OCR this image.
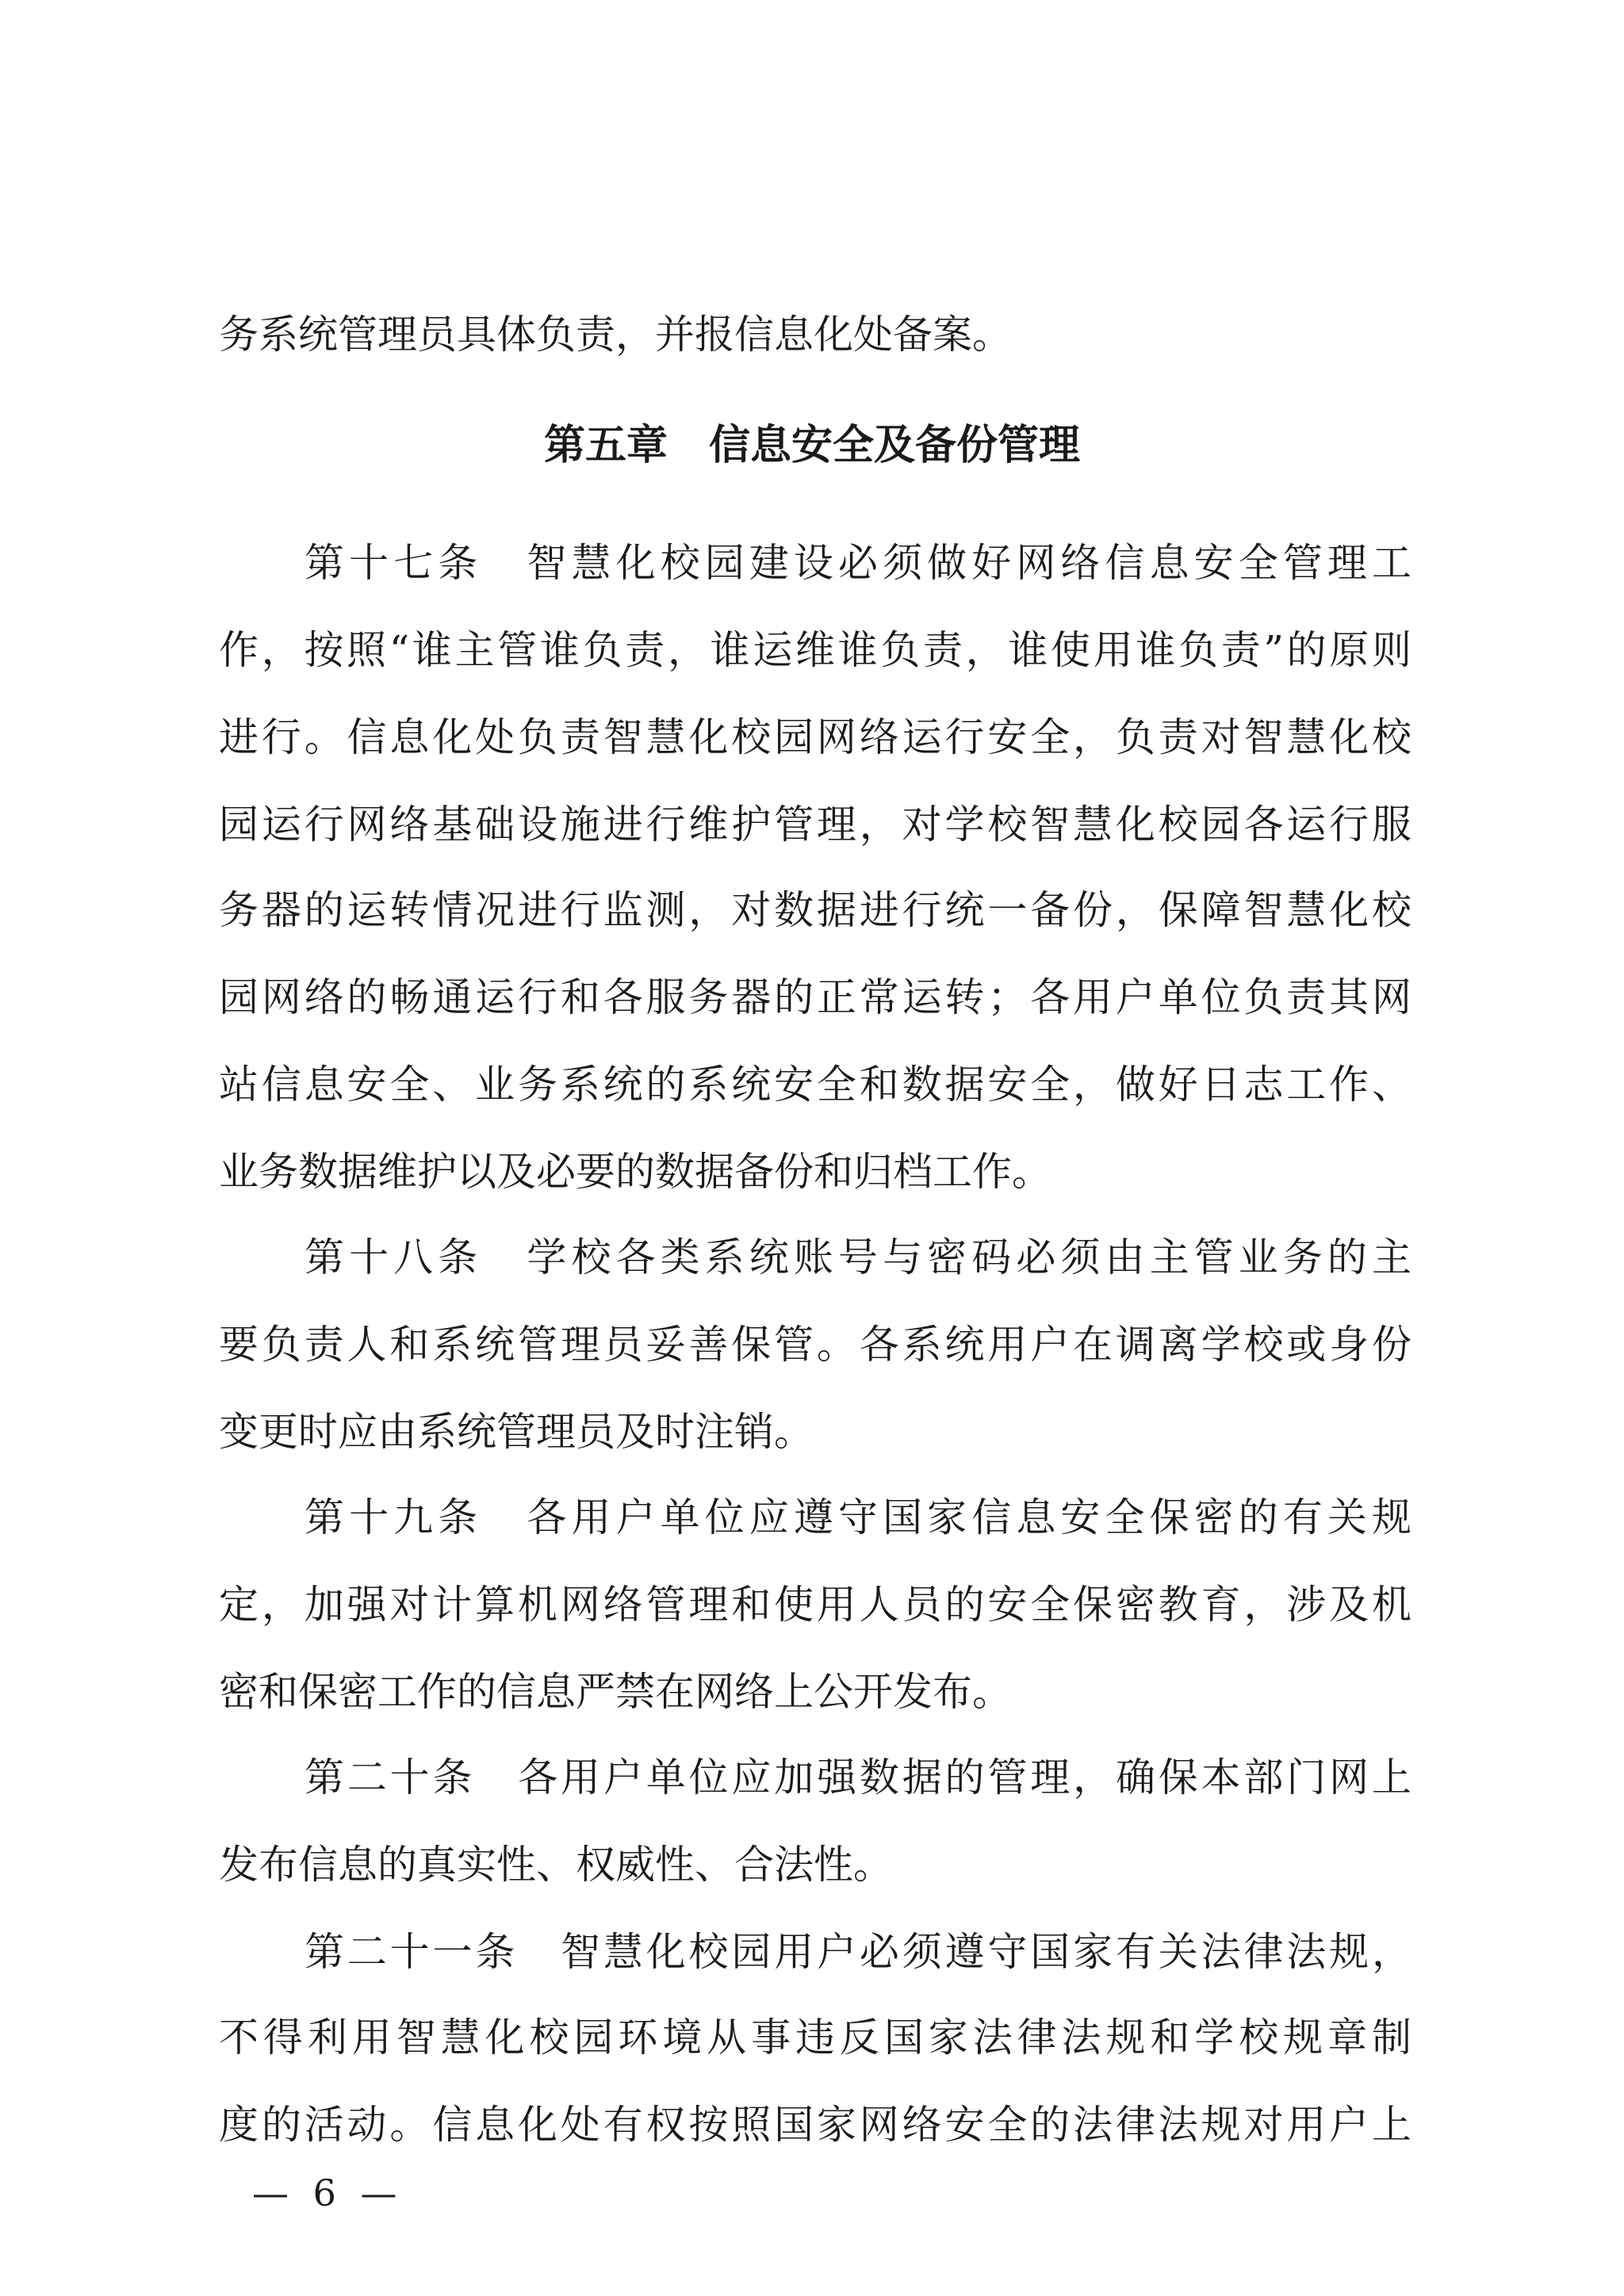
务系统管理员具体负责，并报信息化处备案。
第五章　信息安全及备份管理
第十七条　智慧化校园建设必须做好网络信息安全管理工
作，按照“谁主管谁负责，谁运维谁负责，谁使用谁负责”的原则
进行。信息化处负责智慧化校园网络运行安全，负责对智慧化校
园运行网络基础设施进行维护管理，对学校智慧化校园各运行服
务器的运转情况进行监测，对数据进行统一备份，保障智慧化校
园网络的畅通运行和各服务器的正常运转；各用户单位负责其网
站信息安全、业务系统的系统安全和数据安全，做好日志工作、
业务数据维护以及必要的数据备份和归档工作。
第十八条　学校各类系统账号与密码必须由主管业务的主
要负责人和系统管理员妥善保管。各系统用户在调离学校或身份
变更时应由系统管理员及时注销。
第十九条　各用户单位应遵守国家信息安全保密的有关规
定，加强对计算机网络管理和使用人员的安全保密教育，涉及机
密和保密工作的信息严禁在网络上公开发布。
第二十条　各用户单位应加强数据的管理，确保本部门网上
发布信息的真实性、权威性、合法性。
第二十一条　智慧化校园用户必须遵守国家有关法律法规，
不得利用智慧化校园环境从事违反国家法律法规和学校规章制
度的活动。信息化处有权按照国家网络安全的法律法规对用户上
— 6 —
